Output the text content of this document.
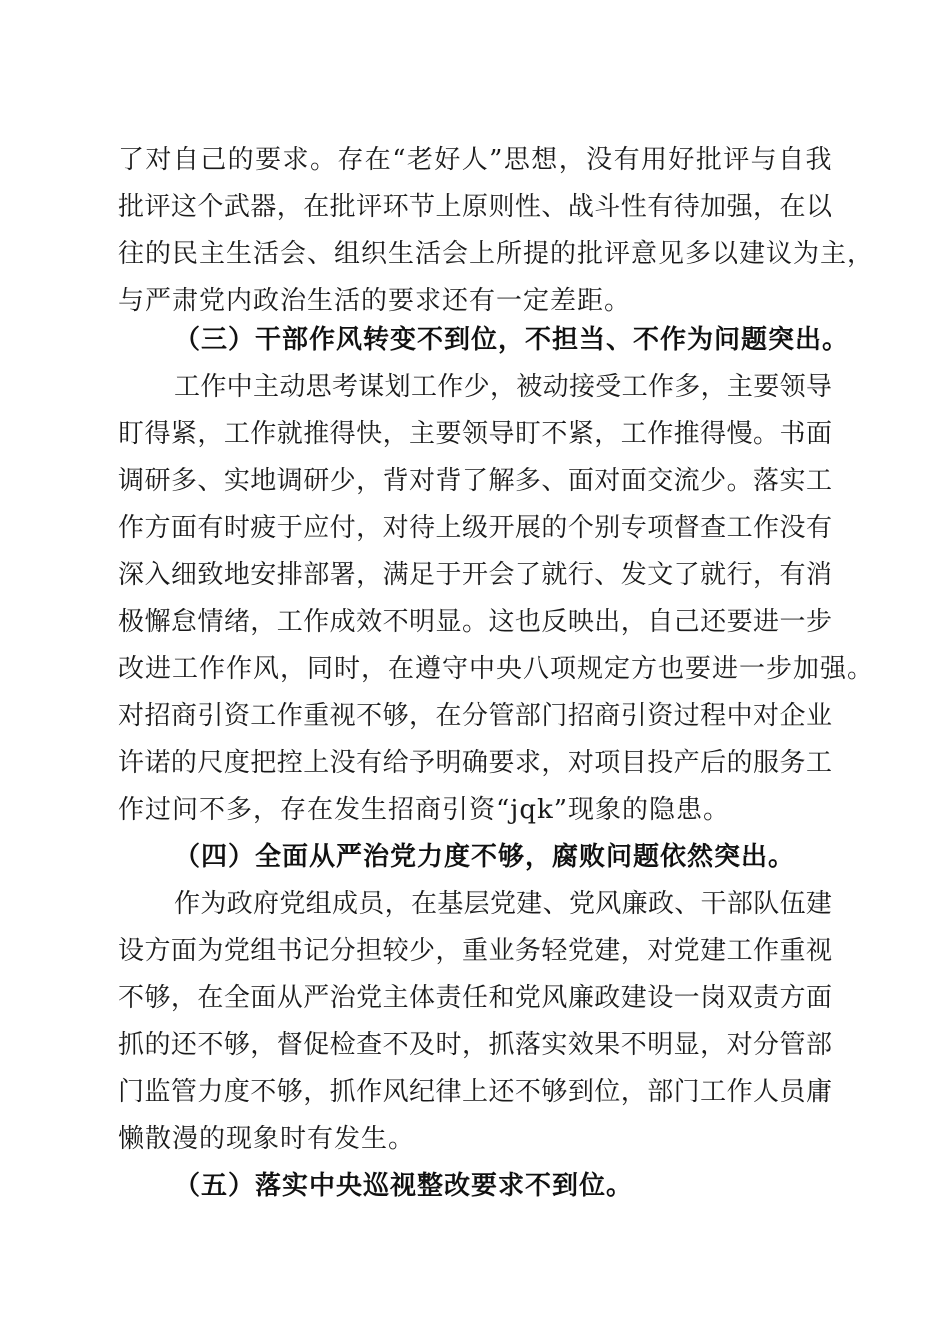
了对自己的要求。存在“老好人”思想，没有用好批评与自我
批评这个武器，在批评环节上原则性、战斗性有待加强，在以
往的民主生活会、组织生活会上所提的批评意见多以建议为主，
与严肃党内政治生活的要求还有一定差距。
（三）干部作风转变不到位，不担当、不作为问题突出。
工作中主动思考谋划工作少，被动接受工作多，主要领导
盯得紧，工作就推得快，主要领导盯不紧，工作推得慢。书面
调研多、实地调研少，背对背了解多、面对面交流少。落实工
作方面有时疲于应付，对待上级开展的个别专项督查工作没有
深入细致地安排部署，满足于开会了就行、发文了就行，有消
极懈怠情绪，工作成效不明显。这也反映出，自己还要进一步
改进工作作风，同时，在遵守中央八项规定方也要进一步加强。
对招商引资工作重视不够，在分管部门招商引资过程中对企业
许诺的尺度把控上没有给予明确要求，对项目投产后的服务工
作过问不多，存在发生招商引资“jqk”现象的隐患。
（四）全面从严治党力度不够，腐败问题依然突出。
作为政府党组成员，在基层党建、党风廉政、干部队伍建
设方面为党组书记分担较少，重业务轻党建，对党建工作重视
不够，在全面从严治党主体责任和党风廉政建设一岗双责方面
抓的还不够，督促检查不及时，抓落实效果不明显，对分管部
门监管力度不够，抓作风纪律上还不够到位，部门工作人员庸
懒散漫的现象时有发生。
（五）落实中央巡视整改要求不到位。
